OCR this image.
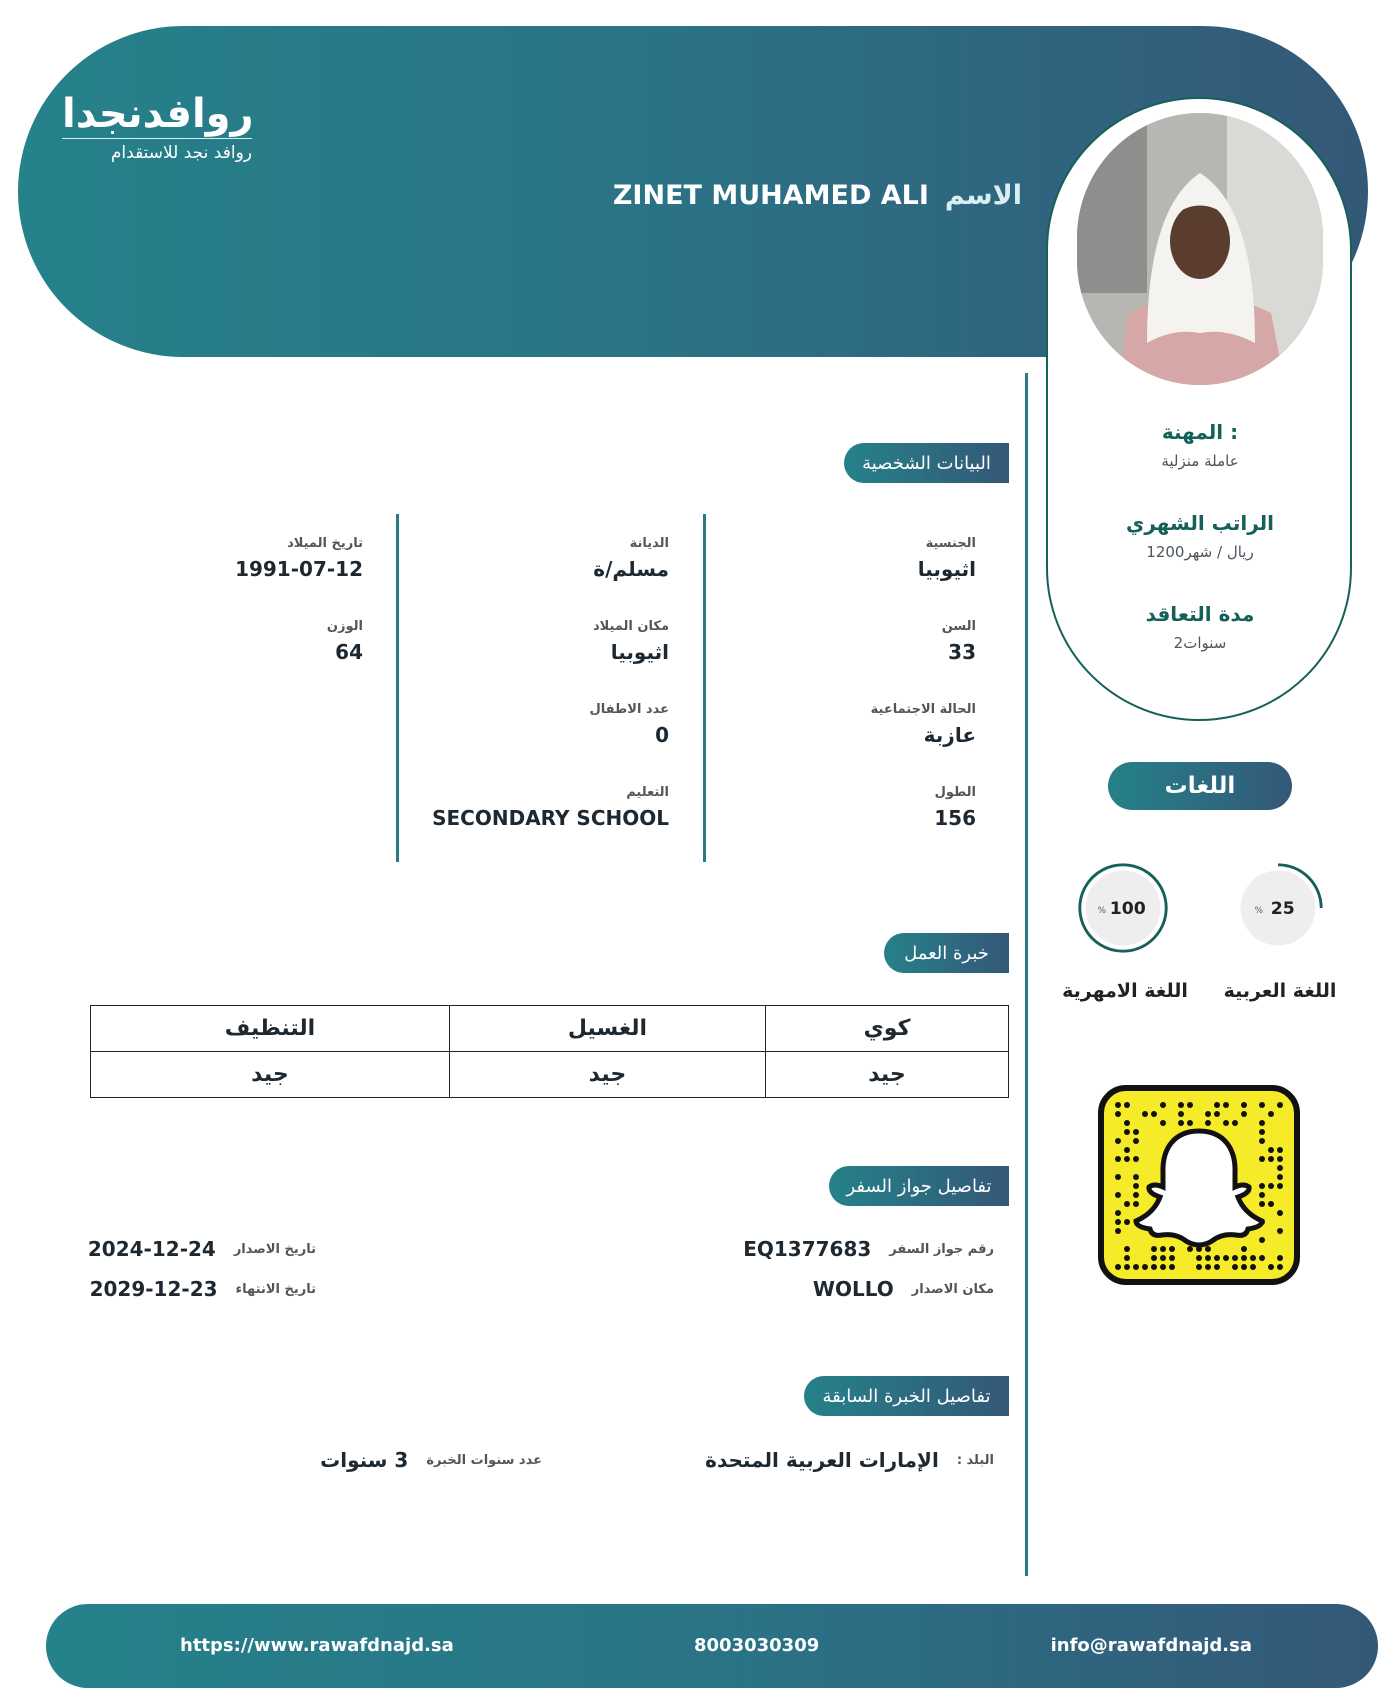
روافدنجدا
روافد نجد للاستقدام
الاسم
ZINET MUHAMED ALI
المهنة :
عاملة منزلية
الراتب الشهري
1200ريال / شهر
مدة التعاقد
2سنوات
اللغات
25
%
اللغة العربية
100
%
اللغة الامهرية
البيانات الشخصية
الجنسية
اثيوبيا
السن
33
الحالة الاجتماعية
عازبة
الطول
156
الديانة
مسلم/ة
مكان الميلاد
اثيوبيا
عدد الاطفال
0
التعليم
SECONDARY SCHOOL
تاريخ الميلاد
1991-07-12
الوزن
64
خبرة العمل
التنظيف	الغسيل	كوي
جيد	جيد	جيد
تفاصيل جواز السفر
رقم جواز السفر
EQ1377683
مكان الاصدار
WOLLO
تاريخ الاصدار
2024-12-24
تاريخ الانتهاء
2029-12-23
تفاصيل الخبرة السابقة
البلد :
الإمارات العربية المتحدة
عدد سنوات الخبرة
3 سنوات
https://www.rawafdnajd.sa	8003030309	info@rawafdnajd.sa
